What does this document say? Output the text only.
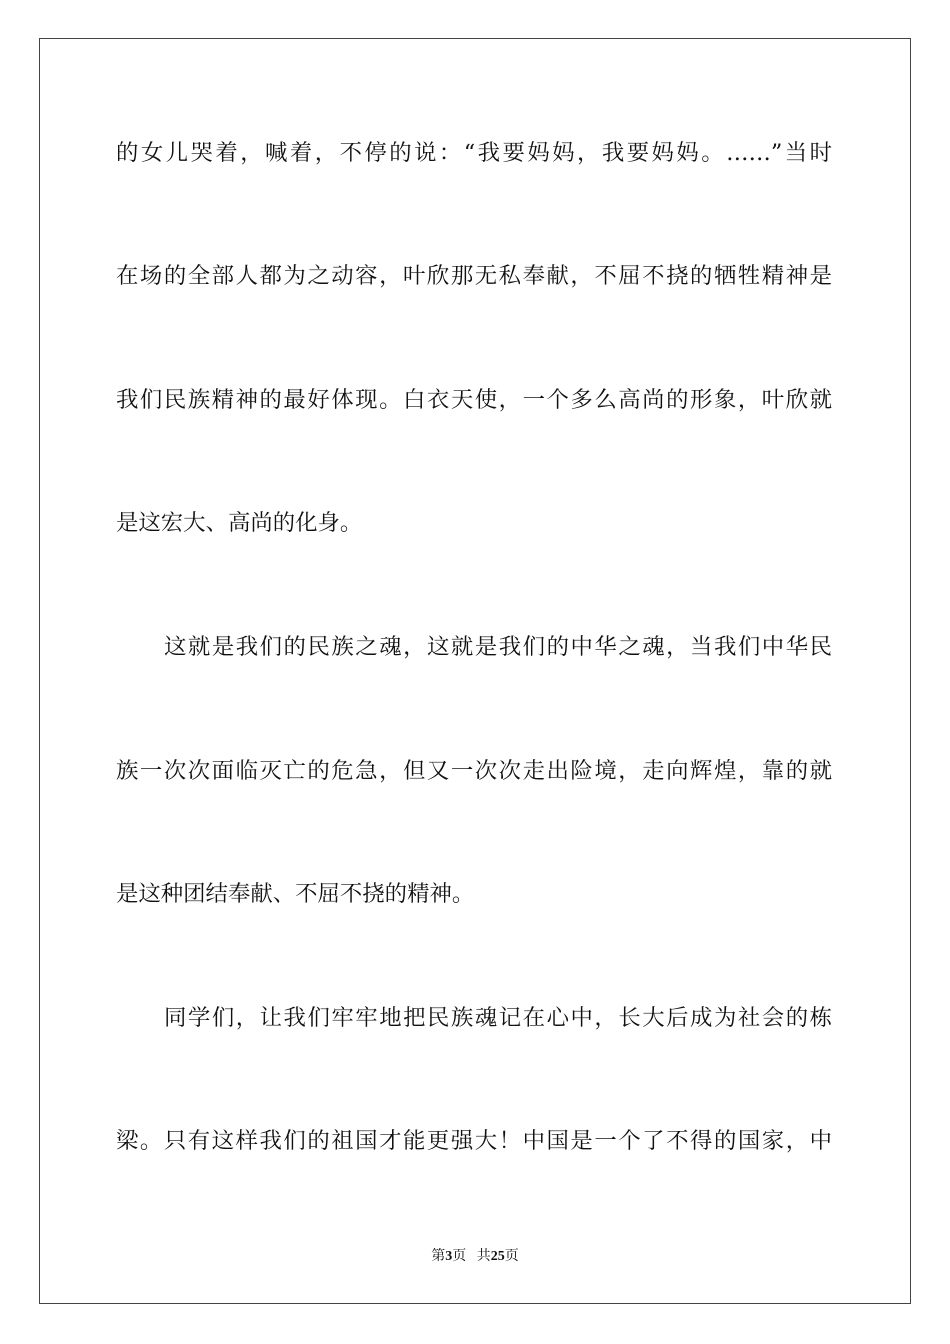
的女儿哭着，喊着，不停的说：“我要妈妈，我要妈妈。……”当时
在场的全部人都为之动容，叶欣那无私奉献，不屈不挠的牺牲精神是
我们民族精神的最好体现。白衣天使，一个多么高尚的形象，叶欣就
是这宏大、高尚的化身。
这就是我们的民族之魂，这就是我们的中华之魂，当我们中华民
族一次次面临灭亡的危急，但又一次次走出险境，走向辉煌，靠的就
是这种团结奉献、不屈不挠的精神。
同学们，让我们牢牢地把民族魂记在心中，长大后成为社会的栋
梁。只有这样我们的祖国才能更强大！中国是一个了不得的国家，中
第3页 共25页
